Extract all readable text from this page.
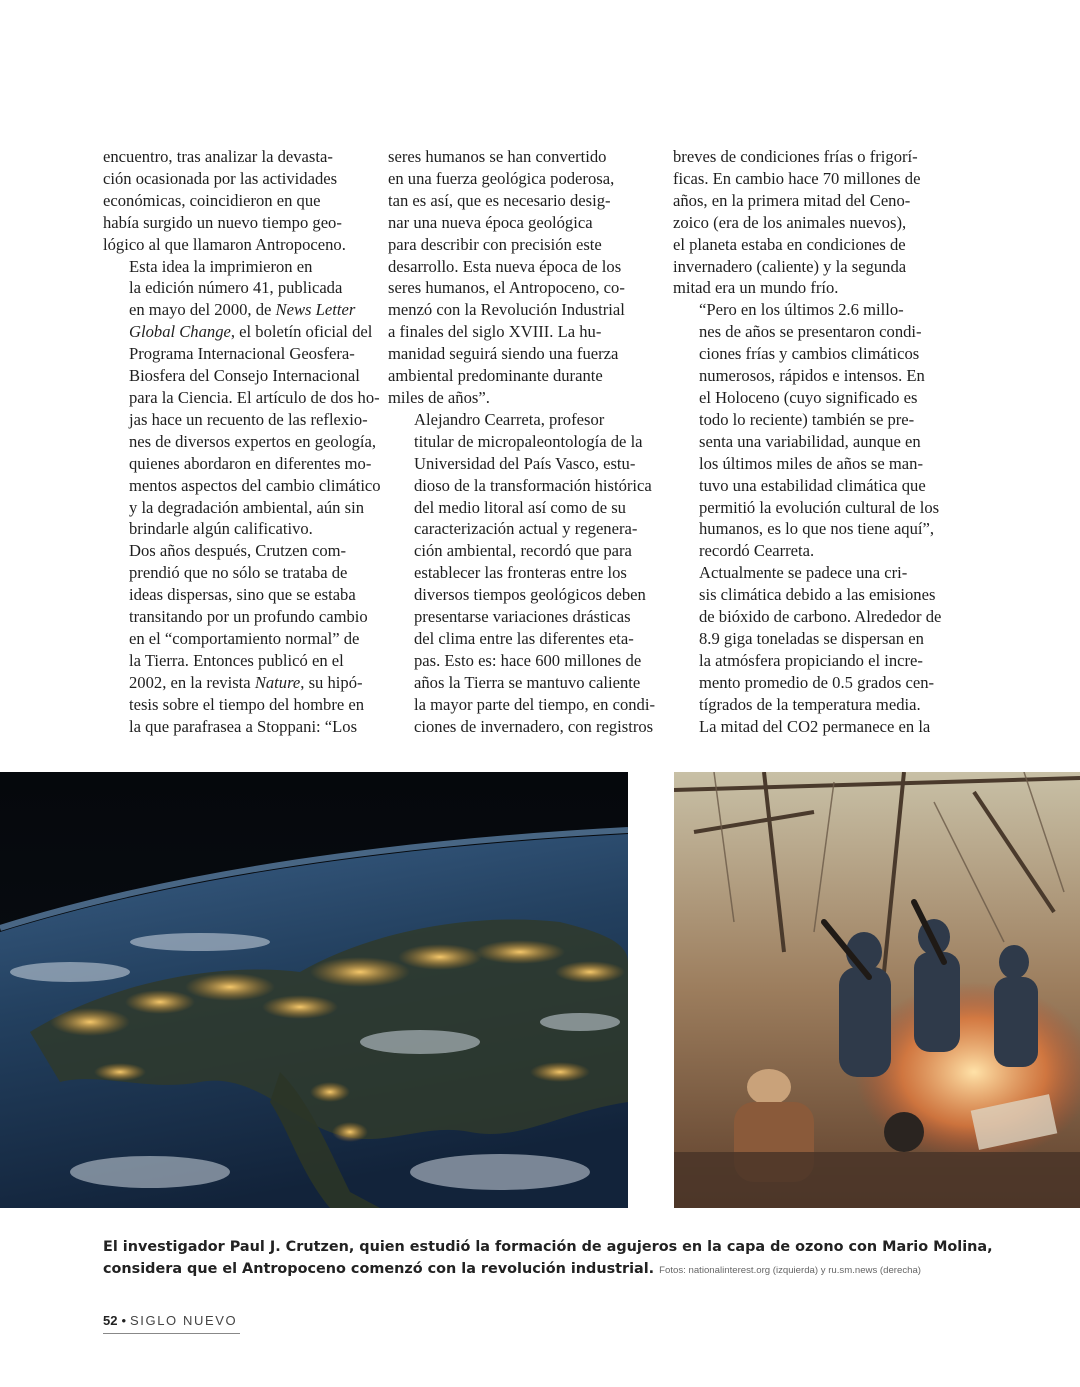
encuentro, tras analizar la devasta-
ción ocasionada por las actividades
económicas, coincidieron en que
había surgido un nuevo tiempo geo-
lógico al que llamaron Antropoceno.

Esta idea la imprimieron en
la edición número 41, publicada
en mayo del 2000, de News Letter
Global Change, el boletín oficial del
Programa Internacional Geosfera-
Biosfera del Consejo Internacional
para la Ciencia. El artículo de dos ho-
jas hace un recuento de las reflexio-
nes de diversos expertos en geología,
quienes abordaron en diferentes mo-
mentos aspectos del cambio climático
y la degradación ambiental, aún sin
brindarle algún calificativo.

Dos años después, Crutzen com-
prendió que no sólo se trataba de
ideas dispersas, sino que se estaba
transitando por un profundo cambio
en el “comportamiento normal” de
la Tierra. Entonces publicó en el
2002, en la revista Nature, su hipó-
tesis sobre el tiempo del hombre en
la que parafrasea a Stoppani: “Los

seres humanos se han convertido
en una fuerza geológica poderosa,
tan es así, que es necesario desig-
nar una nueva época geológica
para describir con precisión este
desarrollo. Esta nueva época de los
seres humanos, el Antropoceno, co-
menzó con la Revolución Industrial
a finales del siglo XVIII. La hu-
manidad seguirá siendo una fuerza
ambiental predominante durante
miles de años”.

Alejandro Cearreta, profesor
titular de micropaleontología de la
Universidad del País Vasco, estu-
dioso de la transformación histórica
del medio litoral así como de su
caracterización actual y regenera-
ción ambiental, recordó que para
establecer las fronteras entre los
diversos tiempos geológicos deben
presentarse variaciones drásticas
del clima entre las diferentes eta-
pas. Esto es: hace 600 millones de
años la Tierra se mantuvo caliente
la mayor parte del tiempo, en condi-
ciones de invernadero, con registros

breves de condiciones frías o frigorí-
ficas. En cambio hace 70 millones de
años, en la primera mitad del Ceno-
zoico (era de los animales nuevos),
el planeta estaba en condiciones de
invernadero (caliente) y la segunda
mitad era un mundo frío.

“Pero en los últimos 2.6 millo-
nes de años se presentaron condi-
ciones frías y cambios climáticos
numerosos, rápidos e intensos. En
el Holoceno (cuyo significado es
todo lo reciente) también se pre-
senta una variabilidad, aunque en
los últimos miles de años se man-
tuvo una estabilidad climática que
permitió la evolución cultural de los
humanos, es lo que nos tiene aquí”,
recordó Cearreta.

Actualmente se padece una cri-
sis climática debido a las emisiones
de bióxido de carbono. Alrededor de
8.9 giga toneladas se dispersan en
la atmósfera propiciando el incre-
mento promedio de 0.5 grados cen-
tígrados de la temperatura media.
La mitad del CO2 permanece en la

El investigador Paul J. Crutzen, quien estudió la formación de agujeros en la capa de ozono con Mario Molina, considera que el Antropoceno comenzó con la revolución industrial. Fotos: nationalinterest.org (izquierda) y ru.sm.news (derecha)
52 • SIGLO NUEVO
